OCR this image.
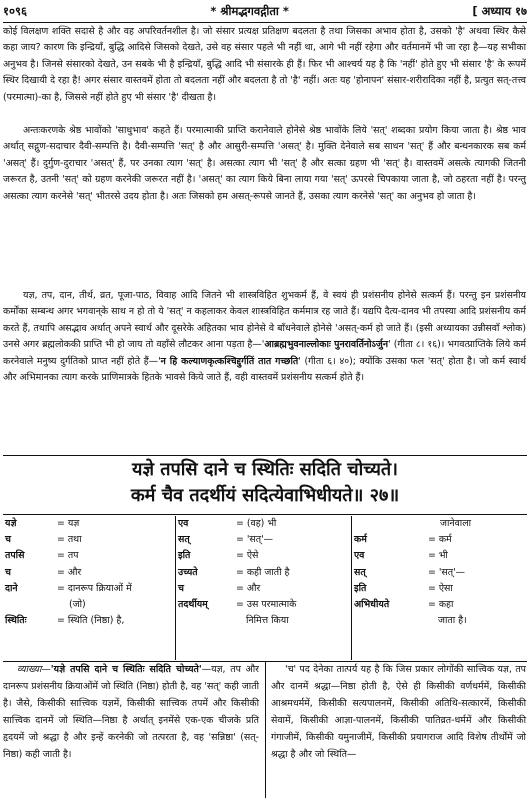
१०९६	* श्रीमद्भगवद्गीता *	[ अध्याय १७

कोई विलक्षण शक्ति सदासे है और वह अपरिवर्तनशील है। जो संसार प्रत्यक्ष प्रतिक्षण बदलता है तथा जिसका अभाव होता है, उसको 'है' अथवा स्थिर कैसे कहा जाय? कारण कि इन्द्रियाँ, बुद्धि आदिसे जिसको देखते, उसे वह संसार पहले भी नहीं था, आगे भी नहीं रहेगा और वर्तमानमें भी जा रहा है—यह सभीका अनुभव है। जिनसे संसारको देखते, उन सबके भी है इन्द्रियाँ, बुद्धि आदि भी संसारके ही हैं। फिर भी आश्चर्य यह है कि 'नहीं' होते हुए भी संसार 'है' के रूपमें स्थिर दिखायी दे रहा है! अगर संसार वास्तवमें होता तो बदलता नहीं और बदलता है तो 'है' नहीं। अतः यह 'होनापन' संसार-शरीरादिका नहीं है, प्रत्युत सत्-तत्त्व (परमात्मा)-का है, जिससे नहीं होते हुए भी संसार 'है' दीखता है।

अन्तःकरणके श्रेष्ठ भावोंको 'साधुभाव' कहते हैं। परमात्माकी प्राप्ति करानेवाले होनेसे श्रेष्ठ भावोंके लिये 'सत्' शब्दका प्रयोग किया जाता है। श्रेष्ठ भाव अर्थात् सद्गुण-सदाचार दैवी-सम्पत्ति है। दैवी-सम्पत्ति 'सत्' है और आसुरी-सम्पत्ति 'असत्' है। मुक्ति देनेवाले सब साधन 'सत्' हैं और बन्धनकारक सब कर्म 'असत्' हैं। दुर्गुण-दुराचार 'असत्' हैं, पर उनका त्याग 'सत्' है। असत्का त्याग भी 'सत्' है और सत्का ग्रहण भी 'सत्' है। वास्तवमें असत्के त्यागकी जितनी जरूरत है, उतनी 'सत्' को ग्रहण करनेकी जरूरत नहीं है। 'असत्' का त्याग किये बिना लाया गया 'सत्' ऊपरसे चिपकाया जाता है, जो ठहरता नहीं है। परन्तु असत्का त्याग करनेसे 'सत्' भीतरसे उदय होता है। अतः जिसको हम असत्-रूपसे जानते हैं, उसका त्याग करनेसे 'सत्' का अनुभव हो जाता है।

यज्ञ, तप, दान, तीर्थ, व्रत, पूजा-पाठ, विवाह आदि जितने भी शास्त्रविहित शुभकर्म हैं, वे स्वयं ही प्रशंसनीय होनेसे सत्कर्म हैं। परन्तु इन प्रशंसनीय कर्मोंका सम्बन्ध अगर भगवान्‌के साथ न हो तो ये 'सत्' न कहलाकर केवल शास्त्रविहित कर्ममात्र रह जाते हैं। यद्यपि दैत्य-दानव भी तपस्या आदि प्रशंसनीय कर्म करते हैं, तथापि असद्भाव अर्थात् अपने स्वार्थ और दूसरेके अहितका भाव होनेसे वे बाँधनेवाले होनेसे 'असत्-कर्म हो जाते हैं। (इसी अध्यायका उन्नीसवाँ श्लोक) उनसे अगर ब्रह्मलोककी प्राप्ति भी हो जाय तो वहाँसे लौटकर आना पड़ता है—'आब्रह्मभुवनाल्लोकाः पुनरावर्तिनोऽर्जुन' (गीता ८। १६)। भगवत्प्राप्तिके लिये कर्म करनेवाले मनुष्य दुर्गतिको प्राप्त नहीं होते हैं—'न हि कल्याणकृत्कश्चिद्दुर्गतिं तात गच्छति' (गीता ६। ४०); क्योंकि उसका फल 'सत्' होता है। जो कर्म स्वार्थ और अभिमानका त्याग करके प्राणिमात्रके हितके भावसे किये जाते हैं, वही वास्तवमें प्रशंसनीय सत्कर्म होते हैं।

यज्ञे तपसि दाने च स्थितिः सदिति चोच्यते।
कर्म चैव तदर्थीयं सदित्येवाभिधीयते॥ २७॥
यज्ञे	= यज्ञ
च	= तथा
तपसि	= तप
च	= और
दाने	= दानरूप क्रियाओं में
(जो)
स्थितिः	= स्थिति (निष्ठा) है,
एव	= (वह) भी
सत्	= 'सत्'—
इति	= ऐसे
उच्यते	= कही जाती है
च	= और
तदर्थीयम्	= उस परमात्माके
निमित्त किया
जानेवाला
कर्म	= कर्म
एव	= भी
सत्	= 'सत्'—
इति	= ऐसा
अभिधीयते	= कहा
जाता है।

व्याख्या—'यज्ञे तपसि दाने च स्थितिः सदिति चोच्यते'—यज्ञ, तप और दानरूप प्रशंसनीय क्रियाओंमें जो स्थिति (निष्ठा) होती है, वह 'सत्' कही जाती है। जैसे, किसीकी सात्त्विक यज्ञमें, किसीकी सात्त्विक तपमें और किसीकी सात्त्विक दानमें जो स्थिति—निष्ठा है अर्थात् इनमेंसे एक-एक चीजके प्रति हृदयमें जो श्रद्धा है और इन्हें करनेकी जो तत्परता है, वह 'सन्निष्ठा' (सत्-निष्ठा) कही जाती है।

'च' पद देनेका तात्पर्य यह है कि जिस प्रकार लोगोंकी सात्त्विक यज्ञ, तप और दानमें श्रद्धा—निष्ठा होती है, ऐसे ही किसीकी वर्णधर्ममें, किसीकी आश्रमधर्ममें, किसीकी सत्यपालनमें, किसीकी अतिथि-सत्कारमें, किसीकी सेवामें, किसीकी आज्ञा-पालनमें, किसीकी पातिव्रत-धर्ममें और किसीकी गंगाजीमें, किसीकी यमुनाजीमें, किसीकी प्रयागराज आदि विशेष तीर्थोंमें जो श्रद्धा है और जो स्थिति—
